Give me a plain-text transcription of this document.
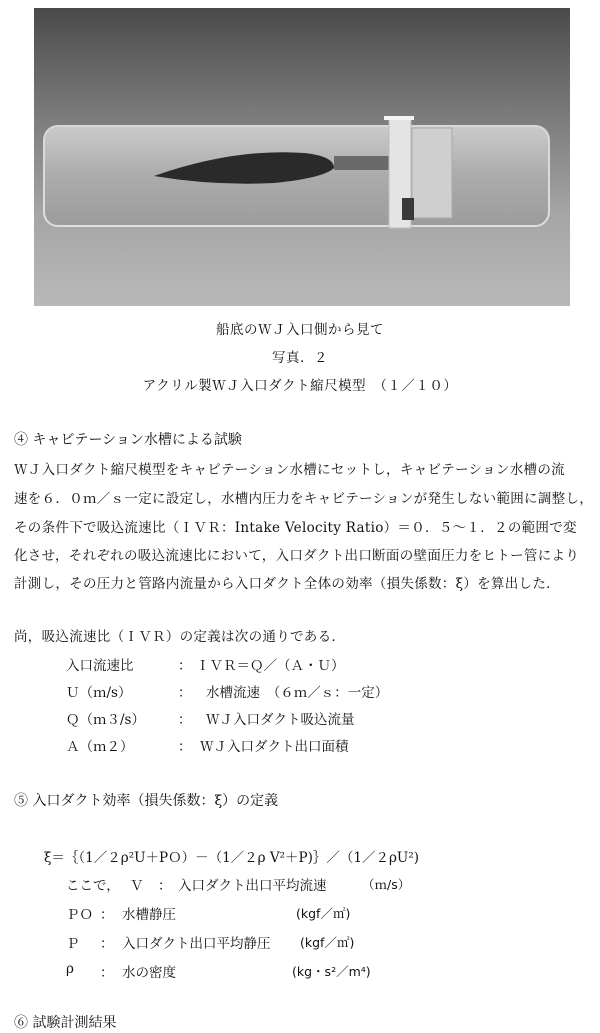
船底のＷＪ入口側から見て
写真．２
アクリル製ＷＪ入口ダクト縮尺模型　（１／１０）
④ キャビテーション水槽による試験
ＷＪ入口ダクト縮尺模型をキャビテーション水槽にセットし，キャビテーション水槽の流
速を６．０ｍ／ｓ一定に設定し，水槽内圧力をキャビテーションが発生しない範囲に調整し，
その条件下で吸込流速比（ＩＶＲ：Intake Velocity Ratio）＝０．５～１．２の範囲で変
化させ，それぞれの吸込流速比において，入口ダクト出口断面の壁面圧力をヒトー管により
計測し，その圧力と管路内流量から入口ダクト全体の効率（損失係数：ξ）を算出した．
尚，吸込流速比（ＩＶＲ）の定義は次の通りである．
入口流速比	： ＩＶＲ＝Ｑ／（Ａ・Ｕ）
Ｕ（ｍ/s）	： 水槽流速　（６ｍ／ｓ：一定）
Ｑ（ｍ３/s） ： ＷＪ入口ダクト吸込流量
Ａ（ｍ２）	： ＷＪ入口ダクト出口面積
⑤ 入口ダクト効率（損失係数：ξ）の定義
ξ＝｛（1／２ρ²U＋PＯ）－（1／２ρ V²＋P)｝／（1／２ρU²)
ここで， Ｖ ： 入口ダクト出口平均流速	（ｍ/s）
ＰＯ ： 水槽静圧	(kgf／㎡)
Ｐ ： 入口ダクト出口平均静圧 (kgf／㎡)
ρ ： 水の密度	(kg・s²／m⁴)
⑥ 試験計測結果
